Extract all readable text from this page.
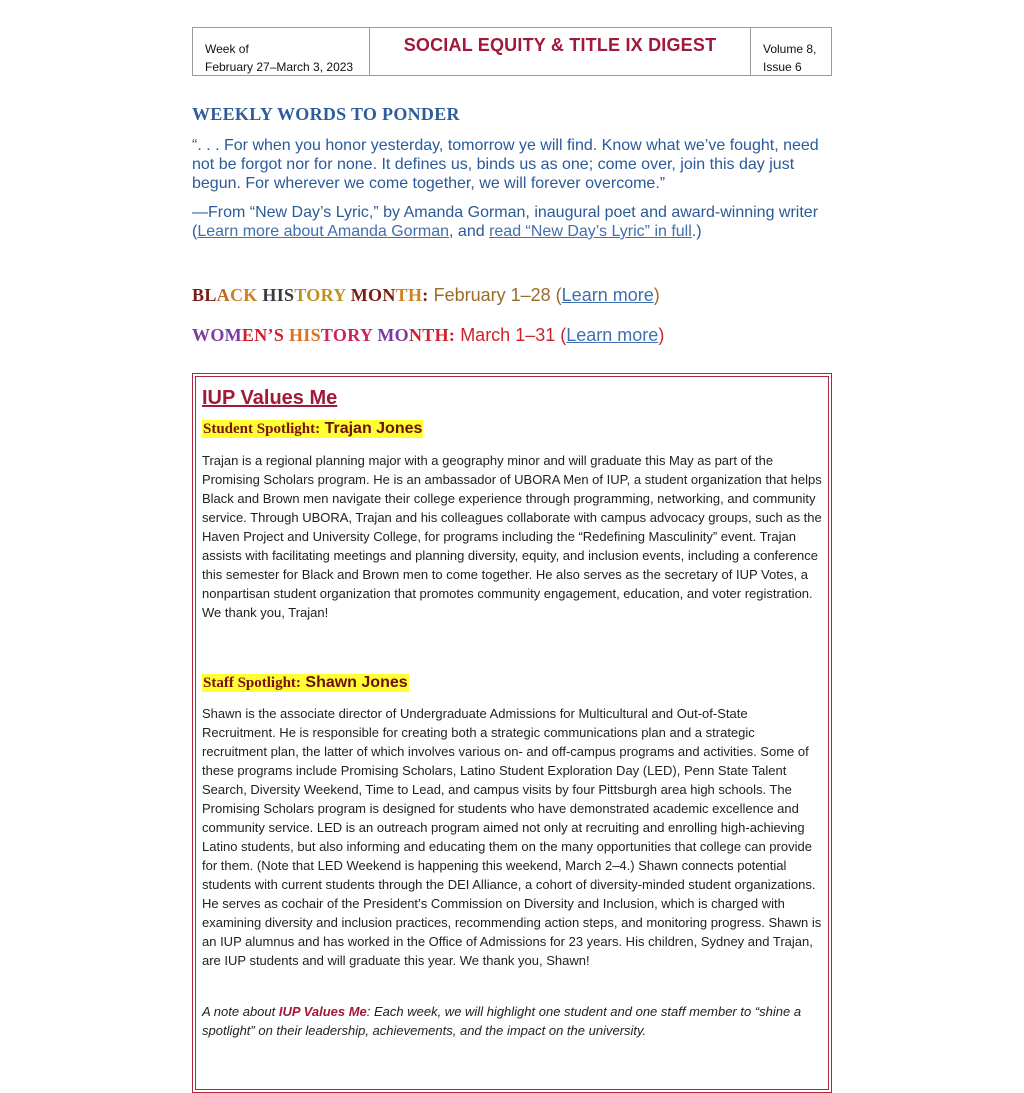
Week of
February 27–March 3, 2023
SOCIAL EQUITY & TITLE IX DIGEST	Volume 8,
Issue 6
WEEKLY WORDS TO PONDER
“. . . For when you honor yesterday, tomorrow ye will find. Know what we’ve fought, need not be forgot nor for none. It defines us, binds us as one; come over, join this day just begun. For wherever we come together, we will forever overcome.”
—From “New Day’s Lyric,” by Amanda Gorman, inaugural poet and award-winning writer (Learn more about Amanda Gorman, and read “New Day’s Lyric” in full.)
BLACK HISTORY MONTH: February 1–28 (Learn more)
WOMEN’S HISTORY MONTH: March 1–31 (Learn more)
IUP Values Me
Student Spotlight: Trajan Jones
Trajan is a regional planning major with a geography minor and will graduate this May as part of the Promising Scholars program. He is an ambassador of UBORA Men of IUP, a student organization that helps Black and Brown men navigate their college experience through programming, networking, and community service. Through UBORA, Trajan and his colleagues collaborate with campus advocacy groups, such as the Haven Project and University College, for programs including the “Redefining Masculinity” event. Trajan assists with facilitating meetings and planning diversity, equity, and inclusion events, including a conference this semester for Black and Brown men to come together. He also serves as the secretary of IUP Votes, a nonpartisan student organization that promotes community engagement, education, and voter registration. We thank you, Trajan!
Staff Spotlight: Shawn Jones
Shawn is the associate director of Undergraduate Admissions for Multicultural and Out-of-State Recruitment. He is responsible for creating both a strategic communications plan and a strategic recruitment plan, the latter of which involves various on- and off-campus programs and activities. Some of these programs include Promising Scholars, Latino Student Exploration Day (LED), Penn State Talent Search, Diversity Weekend, Time to Lead, and campus visits by four Pittsburgh area high schools. The Promising Scholars program is designed for students who have demonstrated academic excellence and community service. LED is an outreach program aimed not only at recruiting and enrolling high-achieving Latino students, but also informing and educating them on the many opportunities that college can provide for them. (Note that LED Weekend is happening this weekend, March 2–4.) Shawn connects potential students with current students through the DEI Alliance, a cohort of diversity-minded student organizations. He serves as cochair of the President’s Commission on Diversity and Inclusion, which is charged with examining diversity and inclusion practices, recommending action steps, and monitoring progress. Shawn is an IUP alumnus and has worked in the Office of Admissions for 23 years. His children, Sydney and Trajan, are IUP students and will graduate this year. We thank you, Shawn!
A note about IUP Values Me: Each week, we will highlight one student and one staff member to “shine a spotlight” on their leadership, achievements, and the impact on the university.
